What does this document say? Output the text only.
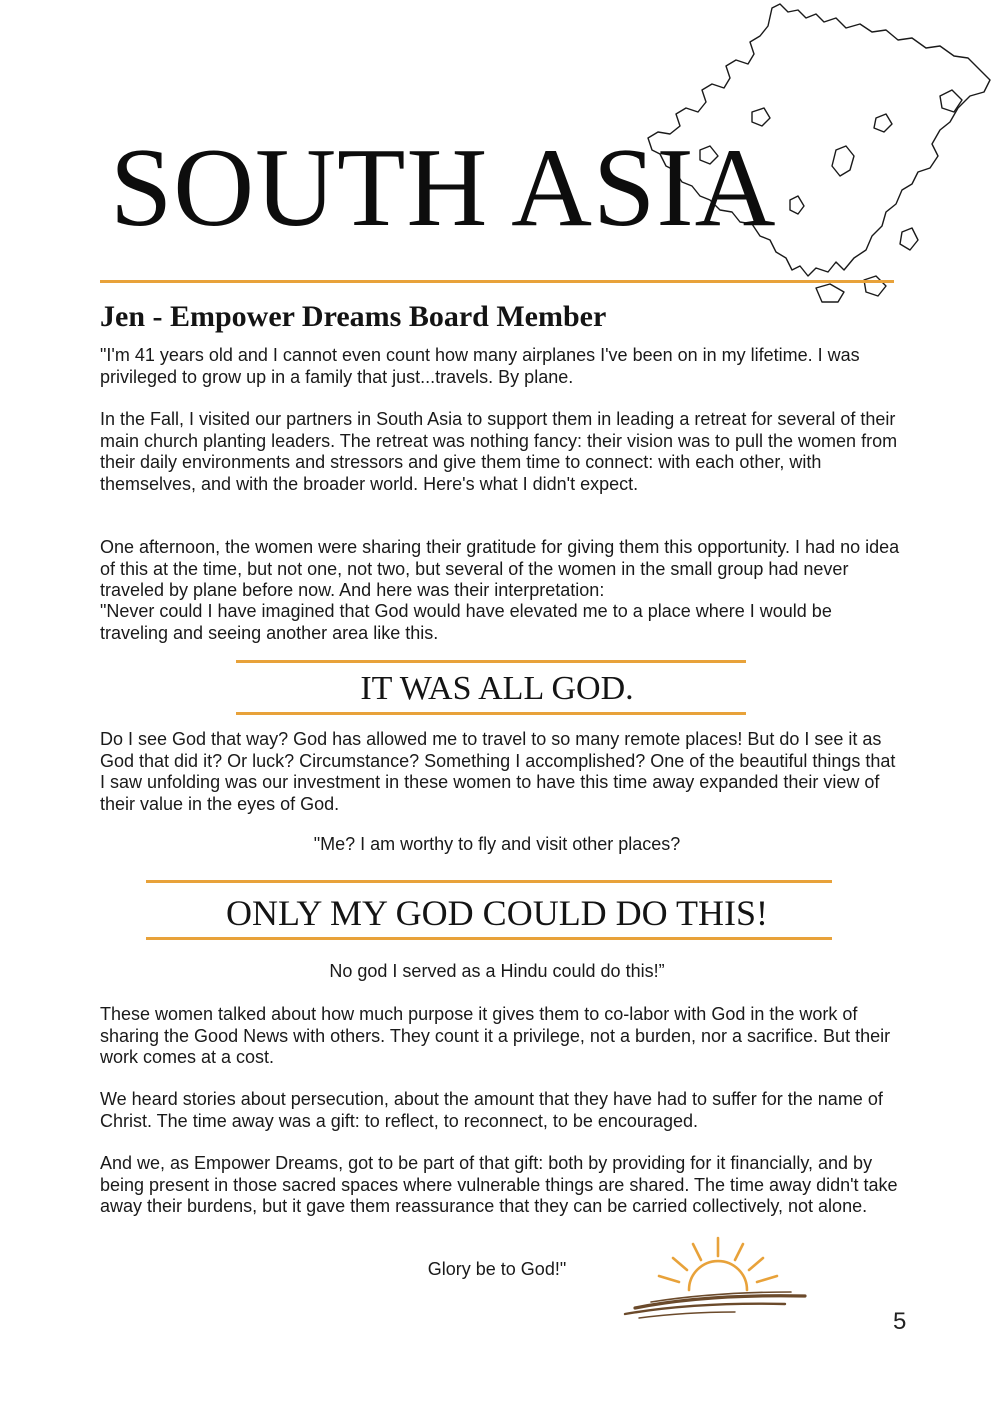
SOUTH ASIA
Jen - Empower Dreams Board Member

"I'm 41 years old and I cannot even count how many airplanes I've been on in my lifetime. I was privileged to grow up in a family that just...travels. By plane.

In the Fall, I visited our partners in South Asia to support them in leading a retreat for several of their main church planting leaders. The retreat was nothing fancy: their vision was to pull the women from their daily environments and stressors and give them time to connect: with each other, with themselves, and with the broader world. Here's what I didn't expect.

One afternoon, the women were sharing their gratitude for giving them this opportunity. I had no idea of this at the time, but not one, not two, but several of the women in the small group had never traveled by plane before now. And here was their interpretation:

"Never could I have imagined that God would have elevated me to a place where I would be traveling and seeing another area like this.

IT WAS ALL GOD.

Do I see God that way? God has allowed me to travel to so many remote places! But do I see it as God that did it? Or luck? Circumstance? Something I accomplished? One of the beautiful things that I saw unfolding was our investment in these women to have this time away expanded their view of their value in the eyes of God.

"Me? I am worthy to fly and visit other places?

ONLY MY GOD COULD DO THIS!

No god I served as a Hindu could do this!”

These women talked about how much purpose it gives them to co-labor with God in the work of sharing the Good News with others. They count it a privilege, not a burden, nor a sacrifice. But their work comes at a cost.

We heard stories about persecution, about the amount that they have had to suffer for the name of Christ. The time away was a gift: to reflect, to reconnect, to be encouraged.

And we, as Empower Dreams, got to be part of that gift: both by providing for it financially, and by being present in those sacred spaces where vulnerable things are shared. The time away didn't take away their burdens, but it gave them reassurance that they can be carried collectively, not alone.

Glory be to God!"

5
